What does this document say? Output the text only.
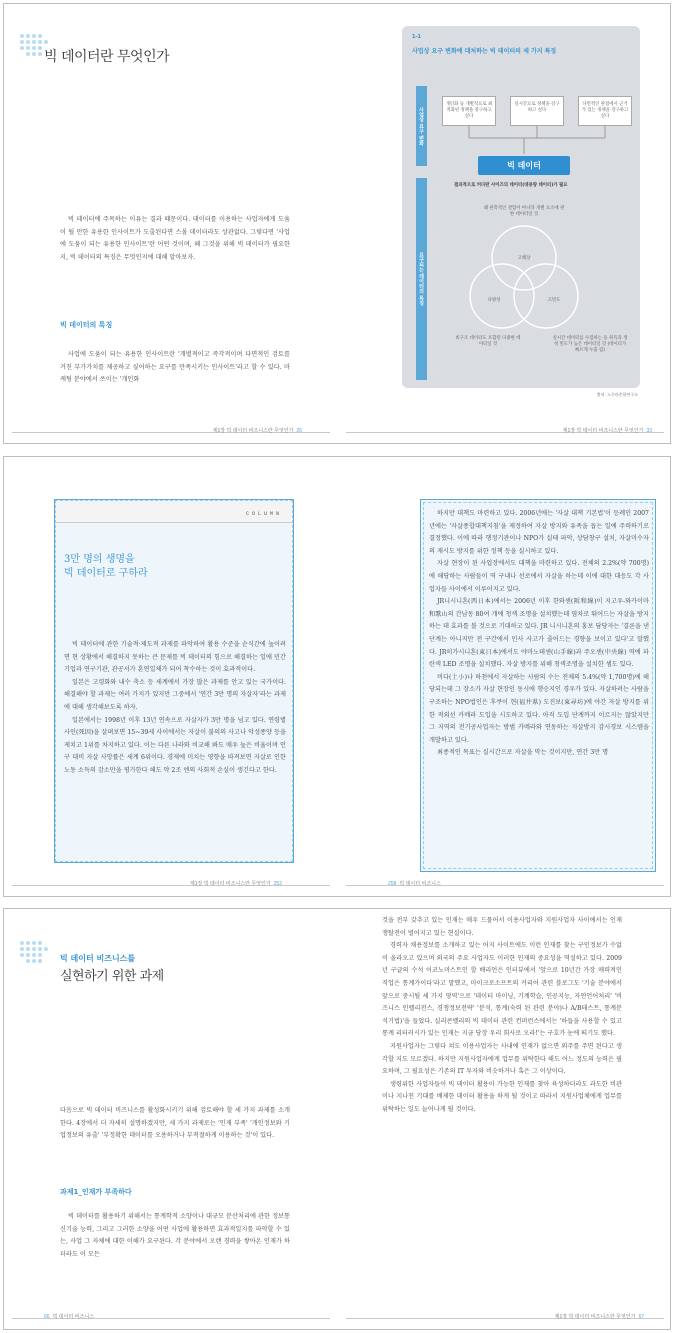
빅 데이터란 무엇인가

빅 데이터에 주목하는 이유는 결과 때문이다. 데이터를 이용하는 사업자에게 도움이 될 만한 유용한 인사이트가 도출된다면 스몰 데이터라도 상관없다. 그렇다면 '사업에 도움이 되는 유용한 인사이트'란 어떤 것이며, 왜 그것을 위해 빅 데이터가 필요한지, 빅 데이터의 특징은 무엇인지에 대해 알아보자.

빅 데이터의 특징

사업에 도움이 되는 유용한 인사이트란 '개별적이고 즉각적이며 다면적인 검토를 거친 부가가치를 제공하고 싶어하는 요구를 만족시키는 인사이트'라고 할 수 있다. 마케팅 분야에서 쓰이는 '개인화

제1장 빅 데이터 비즈니스란 무엇인가 26
1-1
사업상 요구 변화에 대처하는 빅 데이터의 세 가지 특징
사업상 요구 변화
요구되는 데이터의 특징
개인화 등 개별적으로 최적화된 정책을 강구하고 싶다
실시간으로 정책을 강구하고 싶다
다면적인 관점에서 근거가 있는 정책을 강구하고 싶다
빅 데이터
결과적으로 커다란 사이즈의 데이터(대용량 데이터)가 필요
왜 관측적인 결함이 아니라 개별 요소에 관한 데이터일 것
고해상
다양성	고빈도
비구조 데이터도 포함된 다종한 데이터일 것
실시간 데이터를 수집하는 등 취득과 생성 빈도가 높은 데이터일 것 (데이터가 빠르게 누출 됨)
출처: 노무라총합연구소
제1장 빅 데이터 비즈니스란 무엇인가 33
COLUMN
3만 명의 생명을
빅 데이터로 구하라

빅 데이터에 관한 기술적·제도적 과제를 파악하여 활용 수준을 순식간에 높이려면 현 상황에서 해결하지 못하는 큰 문제를 빅 데이터의 힘으로 해결하는 일에 민간기업과 연구기관, 관공서가 혼연일체가 되어 착수하는 것이 효과적이다.

일본은 고령화와 내수 축소 등 세계에서 가장 많은 과제를 안고 있는 국가이다. 해결해야 할 과제는 여러 가지가 있지만 그중에서 '연간 3만 명의 자살자'라는 과제에 대해 생각해보도록 하자.

일본에서는 1998년 이후 13년 연속으로 자살자가 3만 명을 넘고 있다. 연령별 사인(死因)을 살펴보면 15~39세 사이에서는 자살이 불의의 사고나 악성종양 등을 제치고 1위를 차지하고 있다. 이는 다른 나라와 비교해 봐도 매우 높은 비율이며 인구 대비 자살 사망률은 세계 6위이다. 경제에 미치는 영향을 따져보면 자살로 인한 노동 소득의 감소만을 평가한다 해도 약 2조 엔의 사회적 손실이 생긴다고 한다.

제1장 빅 데이터 비즈니스란 무엇인가 252

하지만 대책도 마련하고 있다. 2006년에는 '자살 대책 기본법'이 등례인 2007년에는 '자살종합대책지침'을 제정하여 자살 방지와 유족을 돕는 일에 주력하기로 결정했다. 이에 따라 행정기관이나 NPO가 실태 파악, 상담창구 설치, 자살미수자의 재시도 방지를 위한 정책 등을 실시하고 있다.

자살 현장이 된 사업장에서도 대책을 마련하고 있다. 전체의 2.2%(약 700명)에 해당하는 사람들이 역 구내나 선로에서 자살을 하는데 이에 대한 대응도 각 사업자들 사이에서 이루어지고 있다.

JR니시니혼(西日本)에서는 2006년 이후 한와센(阪和線)이 지고우-와카이마 和歌山의 간남동 80여 개에 청색 조명을 설치했는데 염차로 뛰어드는 자살을 방지하는 데 효과를 볼 것으로 기대하고 있다. JR 니시니혼의 홍보 담당자는 '결론을 낸 단계는 아니지만 전 구간에서 인사 사고가 줄어드는 경향을 보이고 있다'고 말했다. JR히가시니혼(東日本)에서도 야마노테센(山手線)과 주오센(中央線) 역에 파란색 LED 조명을 설치했다. 자살 방지를 위해 청색조명을 설치한 셈도 있다.

비다(土小)나 하천에서 자살하는 사람의 수는 전체의 5.4%(약 1,700명)에 해당되는데 그 장소가 자살 현장인 동시에 행승지인 경우가 있다. 자살하려는 사람을 구조하는 NPO법인은 후쿠이 현(福井県) 도진보(東尋坊)에 야간 자살 방지를 위한 적외선 카메라 도입을 시도하고 있다. 아직 도입 단계까지 이르지는 않았지만 그 지역의 전기공사업자는 방범 카메라와 연동하는 자살방지 감시경보 시스템을 개발하고 있다.

최종적인 목표는 실시간으로 자살을 막는 것이지만, 연간 3만 명

258 빅 데이터 비즈니스
빅 데이터 비즈니스를
실현하기 위한 과제

다음으로 빅 데이터 비즈니스를 활성화시키기 위해 검토해야 할 세 가지 과제를 소개한다. 4장에서 더 자세히 설명하겠지만, 세 가지 과제로는 '인재 부족' '개인정보와 기업정보의 유출' '부정확한 데이터를 오용하거나 부적절하게 이용하는 것'이 있다.

과제1_인재가 부족하다

빅 데이터를 활용하기 위해서는 통계학적 소양이나 대규모 분산처리에 관한 정보통신기술 능력, 그리고 그러한 소양을 어떤 사업에 활용하면 효과적일지를 파악할 수 있는, 사업 그 자체에 대한 이해가 요구된다. 각 분야에서 오랜 경력을 쌓아온 인재가 하더라도 이 모든

66 빅 데이터 비즈니스

것을 전부 갖추고 있는 인재는 매우 드물어서 이용사업자와 지원사업자 사이에서는 인재 쟁탈전이 벌어지고 있는 현실이다.

경력자 채용정보를 소개하고 있는 어지 사이트에도 이런 인재를 찾는 구인정보가 수없이 올라오고 있으며 외국의 주요 사업자도 이러한 인재의 중요성을 역설하고 있다. 2009년 구글의 수석 이코노미스트인 할 배리언은 인터뷰에서 '앞으로 10년간 가장 매력적인 직업은 통계가이다'라고 말했고, 마이크로소프트의 커리어 관련 블로그도 '기술 분야에서 앞으로 중시될 세 가지 영역'으로 '데이터 마이닝, 기계학습, 인공지능, 자연언어처리' '비즈니스 인텔리전스, 경쟁정보전략' '분석, 통계(숙력 된 관련 분야)나 A/B테스트, 통계분석기법)'을 들었다. 실리콘밸리의 빅 데이터 관련 컨퍼런스에서는 '하둡을 사용할 수 있고 통계 리터러시가 있는 인재는 지금 당장 우리 회사로 오라!'는 구호가 눈에 띄기도 했다.

지원사업자는 그렇다 쳐도 이용사업자는 사내에 인재가 없으면 외주를 주면 된다고 생각할 지도 모르겠다. 하지만 지원사업자에게 업무를 위탁한다 해도 어느 정도의 능력은 필요하며, 그 필요성은 기존의 IT 투자와 비슷하거나 혹은 그 이상이다.

생령위한 사업자들이 빅 데이터 활용이 가능한 인재를 찾아 육성하더라도 과도한 비관이나 지나친 기대를 배제한 데이터 활용을 하게 될 것이고 따라서 지원사업체에게 업무를 위탁하는 일도 늘어나게 될 것이다.

제1장 빅 데이터 비즈니스란 무엇인가 67
